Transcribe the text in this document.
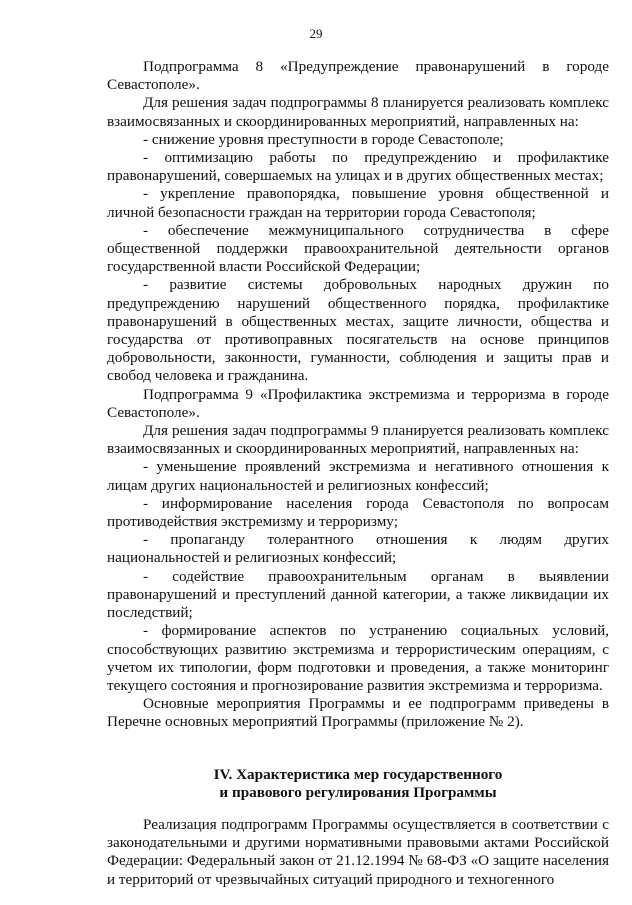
29

Подпрограмма 8 «Предупреждение правонарушений в городе Севастополе».

Для решения задач подпрограммы 8 планируется реализовать комплекс взаимосвязанных и скоординированных мероприятий, направленных на:

- снижение уровня преступности в городе Севастополе;

- оптимизацию работы по предупреждению и профилактике правонарушений, совершаемых на улицах и в других общественных местах;

- укрепление правопорядка, повышение уровня общественной и личной безопасности граждан на территории города Севастополя;

- обеспечение межмуниципального сотрудничества в сфере общественной поддержки правоохранительной деятельности органов государственной власти Российской Федерации;

- развитие системы добровольных народных дружин по предупреждению нарушений общественного порядка, профилактике правонарушений в общественных местах, защите личности, общества и государства от противоправных посягательств на основе принципов добровольности, законности, гуманности, соблюдения и защиты прав и свобод человека и гражданина.

Подпрограмма 9 «Профилактика экстремизма и терроризма в городе Севастополе».

Для решения задач подпрограммы 9 планируется реализовать комплекс взаимосвязанных и скоординированных мероприятий, направленных на:

- уменьшение проявлений экстремизма и негативного отношения к лицам других национальностей и религиозных конфессий;

- информирование населения города Севастополя по вопросам противодействия экстремизму и терроризму;

- пропаганду толерантного отношения к людям других национальностей и религиозных конфессий;

- содействие правоохранительным органам в выявлении правонарушений и преступлений данной категории, а также ликвидации их последствий;

- формирование аспектов по устранению социальных условий, способствующих развитию экстремизма и террористическим операциям, с учетом их типологии, форм подготовки и проведения, а также мониторинг текущего состояния и прогнозирование развития экстремизма и терроризма.

Основные мероприятия Программы и ее подпрограмм приведены в Перечне основных мероприятий Программы (приложение № 2).

IV. Характеристика мер государственного
и правового регулирования Программы

Реализация подпрограмм Программы осуществляется в соответствии с законодательными и другими нормативными правовыми актами Российской Федерации: Федеральный закон от 21.12.1994 № 68-ФЗ «О защите населения и территорий от чрезвычайных ситуаций природного и техногенного
